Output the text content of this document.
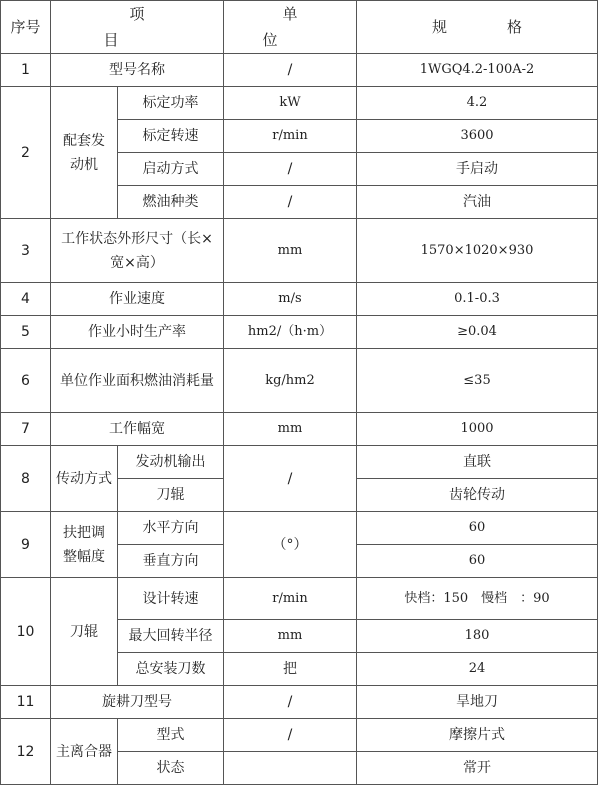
序号	项目		单位	规格
1	型号名称		/	1WGQ4.2-100A-2
2	配套发动机	标定功率	kW	4.2
		标定转速	r/min	3600
		启动方式	/	手启动
		燃油种类	/	汽油
3	工作状态外形尺寸（长×宽×高）		mm	1570×1020×930
4	作业速度		m/s	0.1-0.3
5	作业小时生产率		hm2/（h·m）	≥0.04
6	单位作业面积燃油消耗量		kg/hm2	≤35
7	工作幅宽		mm	1000
8	传动方式	发动机输出	/	直联
		刀辊		齿轮传动
9	扶把调整幅度	水平方向	（°）	60
		垂直方向		60
10	刀辊	设计转速	r/min	快档：150　慢档　：90
		最大回转半径	mm	180
		总安装刀数	把	24
11	旋耕刀型号		/	旱地刀
12	主离合器	型式	/	摩擦片式
		状态		常开
